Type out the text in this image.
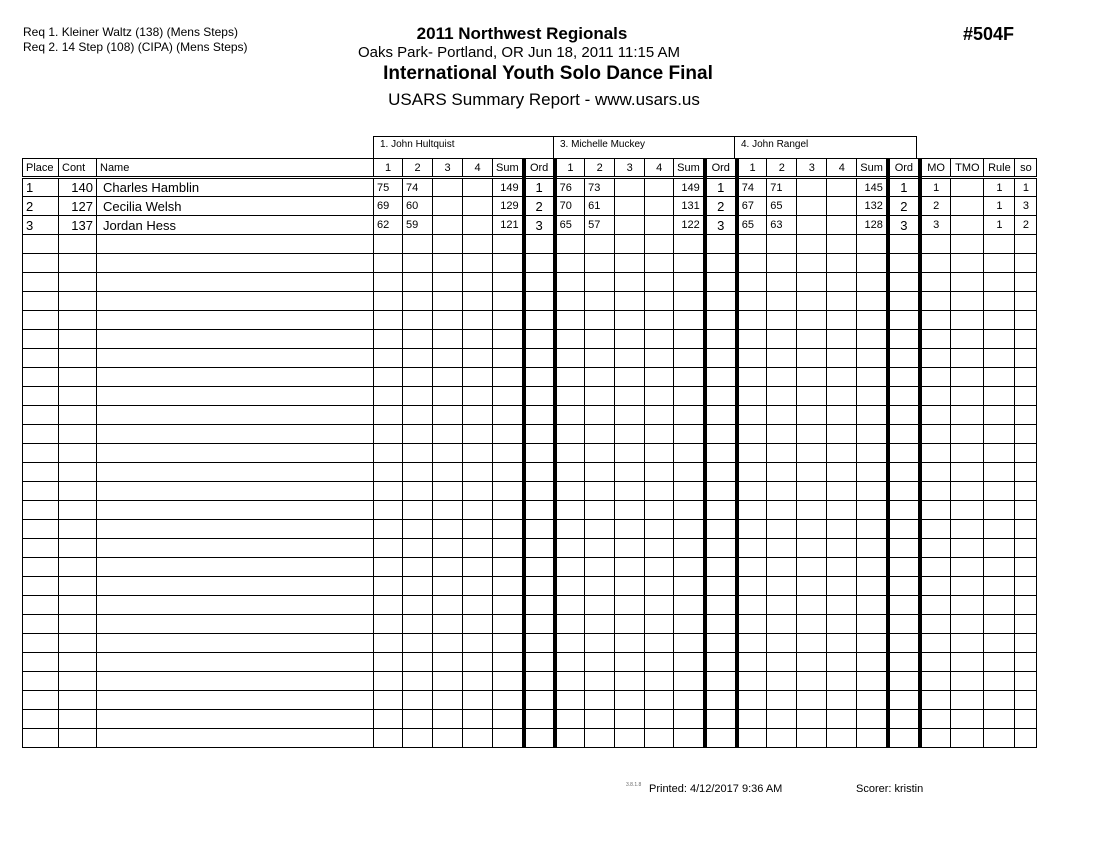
Req 1. Kleiner Waltz (138) (Mens Steps)
Req 2. 14 Step (108) (CIPA) (Mens Steps)
2011 Northwest Regionals
Oaks Park- Portland, OR Jun 18, 2011 11:15 AM
International Youth Solo Dance Final
USARS Summary Report - www.usars.us
#504F
1. John Hultquist	3. Michelle Muckey	4. John Rangel
Place	Cont	Name	1	2	3	4	Sum	Ord	1	2	3	4	Sum	Ord	1	2	3	4	Sum	Ord	MO	TMO	Rule	so
1	140	Charles Hamblin	75	74			149	1	76	73			149	1	74	71			145	1	1		1	1
2	127	Cecilia Welsh	69	60			129	2	70	61			131	2	67	65			132	2	2		1	3
3	137	Jordan Hess	62	59			121	3	65	57			122	3	65	63			128	3	3		1	2

3.8.1.8 Printed: 4/12/2017 9:36 AM	Scorer: kristin
